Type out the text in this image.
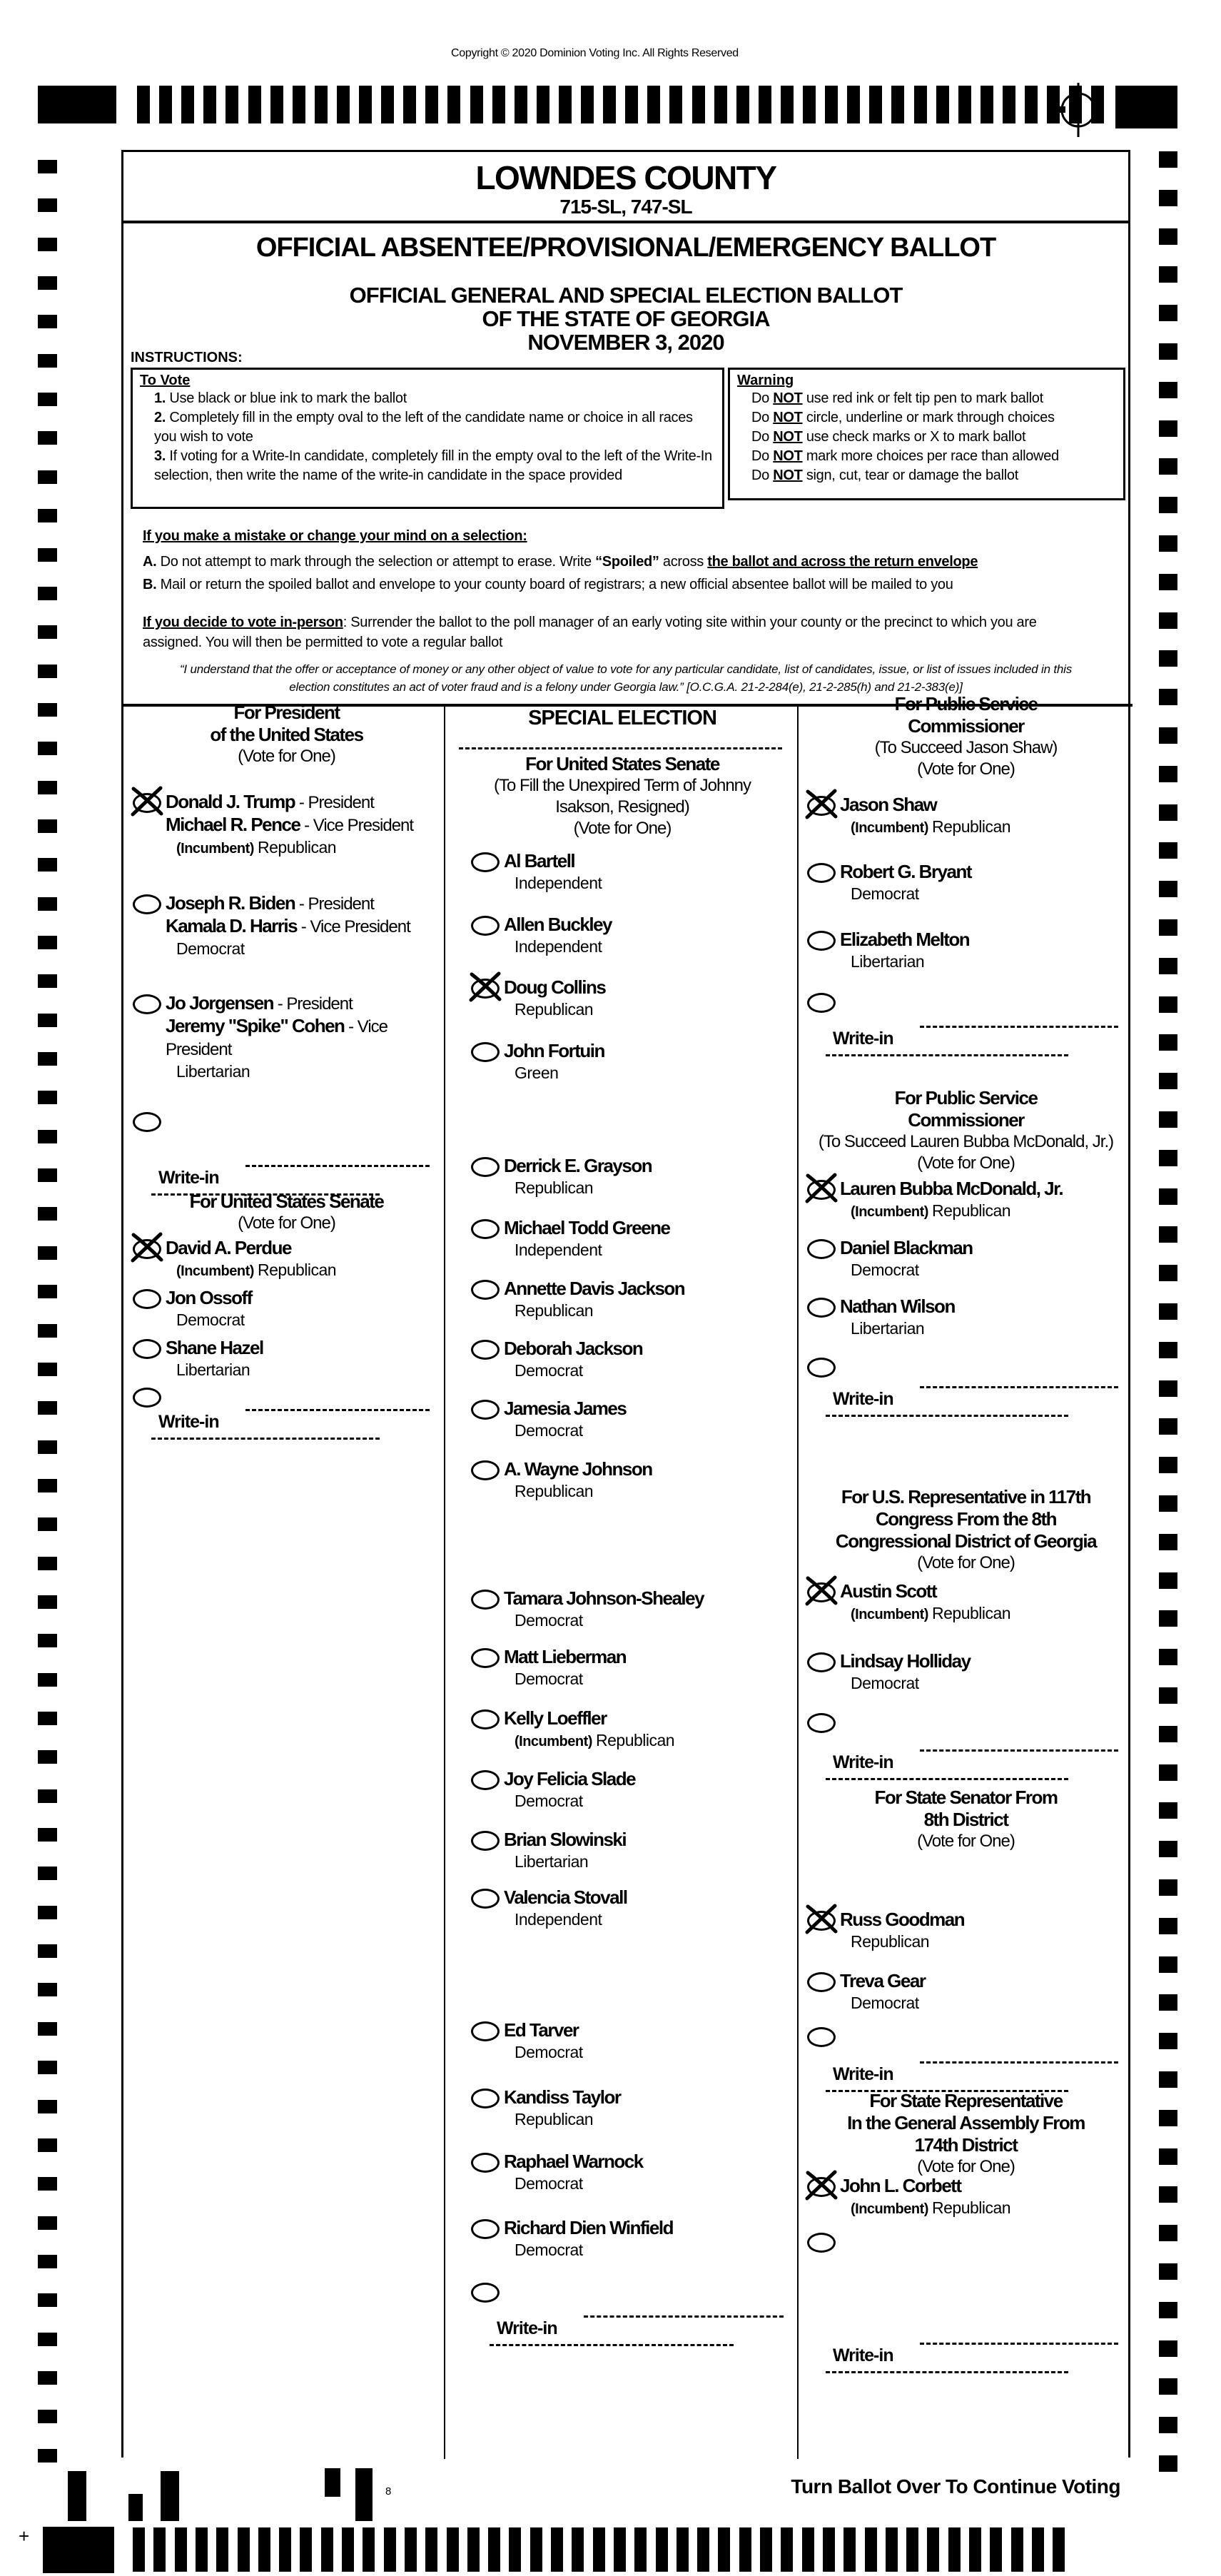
Copyright © 2020 Dominion Voting Inc. All Rights Reserved
LOWNDES COUNTY
715-SL, 747-SL
OFFICIAL ABSENTEE/PROVISIONAL/EMERGENCY BALLOT
OFFICIAL GENERAL AND SPECIAL ELECTION BALLOT
OF THE STATE OF GEORGIA
NOVEMBER 3, 2020
INSTRUCTIONS:
To Vote

1. Use black or blue ink to mark the ballot

2. Completely fill in the empty oval to the left of the candidate name or choice in all races you wish to vote

3. If voting for a Write-In candidate, completely fill in the empty oval to the left of the Write-In selection, then write the name of the write-in candidate in the space provided

Warning

Do NOT use red ink or felt tip pen to mark ballot

Do NOT circle, underline or mark through choices

Do NOT use check marks or X to mark ballot

Do NOT mark more choices per race than allowed

Do NOT sign, cut, tear or damage the ballot

If you make a mistake or change your mind on a selection:
A. Do not attempt to mark through the selection or attempt to erase. Write “Spoiled” across the ballot and across the return envelope
B. Mail or return the spoiled ballot and envelope to your county board of registrars; a new official absentee ballot will be mailed to you
If you decide to vote in-person: Surrender the ballot to the poll manager of an early voting site within your county or the precinct to which you are assigned. You will then be permitted to vote a regular ballot
“I understand that the offer or acceptance of money or any other object of value to vote for any particular candidate, list of candidates, issue, or list of issues included in this
election constitutes an act of voter fraud and is a felony under Georgia law.” [O.C.G.A. 21-2-284(e), 21-2-285(h) and 21-2-383(e)]
For President
of the United States
(Vote for One)
Donald J. Trump - President
Michael R. Pence - Vice President
(Incumbent) Republican
Joseph R. Biden - President
Kamala D. Harris - Vice President
Democrat
Jo Jorgensen - President
Jeremy "Spike" Cohen - Vice President
Libertarian
Write-in
For United States Senate
(Vote for One)
David A. Perdue
(Incumbent) Republican
Jon Ossoff
Democrat
Shane Hazel
Libertarian
Write-in
SPECIAL ELECTION
For United States Senate
(To Fill the Unexpired Term of Johnny
Isakson, Resigned)
(Vote for One)
Al Bartell
Independent
Allen Buckley
Independent
Doug Collins
Republican
John Fortuin
Green
Derrick E. Grayson
Republican
Michael Todd Greene
Independent
Annette Davis Jackson
Republican
Deborah Jackson
Democrat
Jamesia James
Democrat
A. Wayne Johnson
Republican
Tamara Johnson-Shealey
Democrat
Matt Lieberman
Democrat
Kelly Loeffler
(Incumbent) Republican
Joy Felicia Slade
Democrat
Brian Slowinski
Libertarian
Valencia Stovall
Independent
Ed Tarver
Democrat
Kandiss Taylor
Republican
Raphael Warnock
Democrat
Richard Dien Winfield
Democrat
Write-in
For Public Service
Commissioner
(To Succeed Jason Shaw)
(Vote for One)
Jason Shaw
(Incumbent) Republican
Robert G. Bryant
Democrat
Elizabeth Melton
Libertarian
Write-in
For Public Service
Commissioner
(To Succeed Lauren Bubba McDonald, Jr.)
(Vote for One)
Lauren Bubba McDonald, Jr.
(Incumbent) Republican
Daniel Blackman
Democrat
Nathan Wilson
Libertarian
Write-in
For U.S. Representative in 117th
Congress From the 8th
Congressional District of Georgia
(Vote for One)
Austin Scott
(Incumbent) Republican
Lindsay Holliday
Democrat
Write-in
For State Senator From
8th District
(Vote for One)
Russ Goodman
Republican
Treva Gear
Democrat
Write-in
For State Representative
In the General Assembly From
174th District
(Vote for One)
John L. Corbett
(Incumbent) Republican
Write-in
+
8	Turn Ballot Over To Continue Voting
